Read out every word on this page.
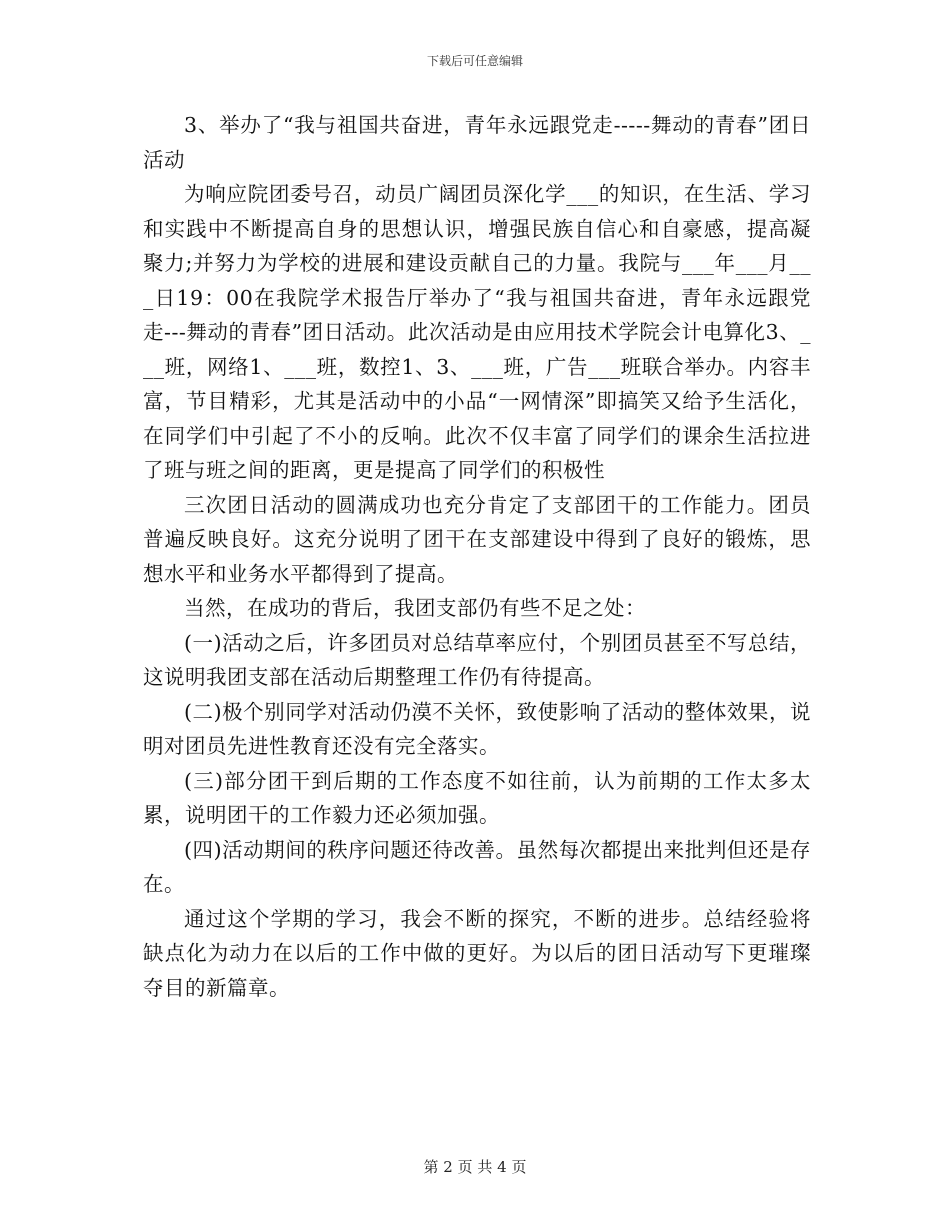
下载后可任意编辑

3、举办了“我与祖国共奋进，青年永远跟党走-----舞动的青春”团日活动

为响应院团委号召，动员广阔团员深化学___的知识，在生活、学习和实践中不断提高自身的思想认识，增强民族自信心和自豪感，提高凝聚力;并努力为学校的进展和建设贡献自己的力量。我院与___年___月___日19：00在我院学术报告厅举办了“我与祖国共奋进，青年永远跟党走---舞动的青春”团日活动。此次活动是由应用技术学院会计电算化3、___班，网络1、___班，数控1、3、___班，广告___班联合举办。内容丰富，节目精彩，尤其是活动中的小品“一网情深”即搞笑又给予生活化，在同学们中引起了不小的反响。此次不仅丰富了同学们的课余生活拉进了班与班之间的距离，更是提高了同学们的积极性

三次团日活动的圆满成功也充分肯定了支部团干的工作能力。团员普遍反映良好。这充分说明了团干在支部建设中得到了良好的锻炼，思想水平和业务水平都得到了提高。

当然，在成功的背后，我团支部仍有些不足之处：

(一)活动之后，许多团员对总结草率应付，个别团员甚至不写总结，这说明我团支部在活动后期整理工作仍有待提高。

(二)极个别同学对活动仍漠不关怀，致使影响了活动的整体效果，说明对团员先进性教育还没有完全落实。

(三)部分团干到后期的工作态度不如往前，认为前期的工作太多太累，说明团干的工作毅力还必须加强。

(四)活动期间的秩序问题还待改善。虽然每次都提出来批判但还是存在。

通过这个学期的学习，我会不断的探究，不断的进步。总结经验将缺点化为动力在以后的工作中做的更好。为以后的团日活动写下更璀璨夺目的新篇章。

第 2 页 共 4 页
